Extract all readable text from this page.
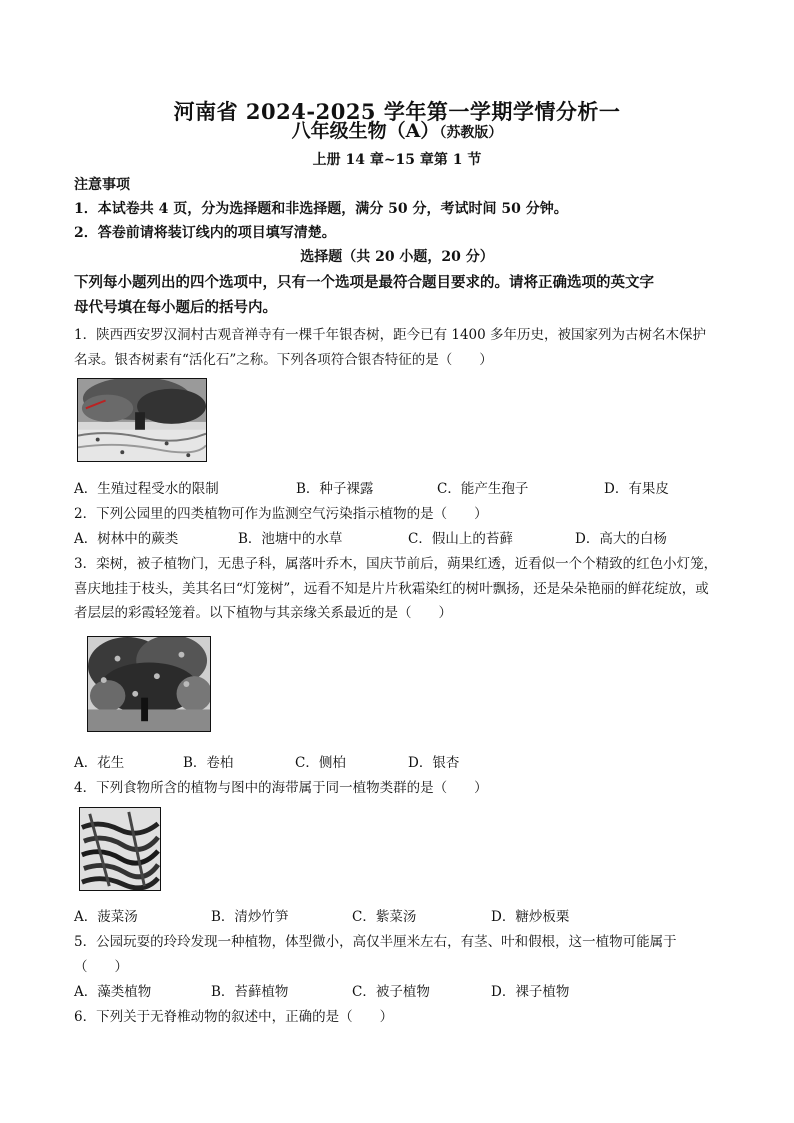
河南省 2024-2025 学年第一学期学情分析一
八年级生物（A）（苏教版）
上册 14 章~15 章第 1 节
注意事项
1．本试卷共 4 页，分为选择题和非选择题，满分 50 分，考试时间 50 分钟。
2．答卷前请将装订线内的项目填写清楚。
选择题（共 20 小题，20 分）
下列每小题列出的四个选项中，只有一个选项是最符合题目要求的。请将正确选项的英文字
母代号填在每小题后的括号内。
1．陕西西安罗汉洞村古观音禅寺有一棵千年银杏树，距今已有 1400 多年历史，被国家列为古树名木保护
名录。银杏树素有“活化石”之称。下列各项符合银杏特征的是（　　）
A．生殖过程受水的限制	B．种子裸露	C．能产生孢子	D．有果皮
2．下列公园里的四类植物可作为监测空气污染指示植物的是（　　）
A．树林中的蕨类	B．池塘中的水草	C．假山上的苔藓	D．高大的白杨
3．栾树，被子植物门，无患子科，属落叶乔木，国庆节前后，蒴果红透，近看似一个个精致的红色小灯笼，
喜庆地挂于枝头，美其名曰“灯笼树”，远看不知是片片秋霜染红的树叶飘扬，还是朵朵艳丽的鲜花绽放，或
者层层的彩霞轻笼着。以下植物与其亲缘关系最近的是（　　）
A．花生	B．卷柏	C．侧柏	D．银杏
4．下列食物所含的植物与图中的海带属于同一植物类群的是（　　）
A．菠菜汤	B．清炒竹笋	C．紫菜汤	D．糖炒板栗
5．公园玩耍的玲玲发现一种植物，体型微小，高仅半厘米左右，有茎、叶和假根，这一植物可能属于
（　　）
A．藻类植物	B．苔藓植物	C．被子植物	D．裸子植物
6．下列关于无脊椎动物的叙述中，正确的是（　　）
